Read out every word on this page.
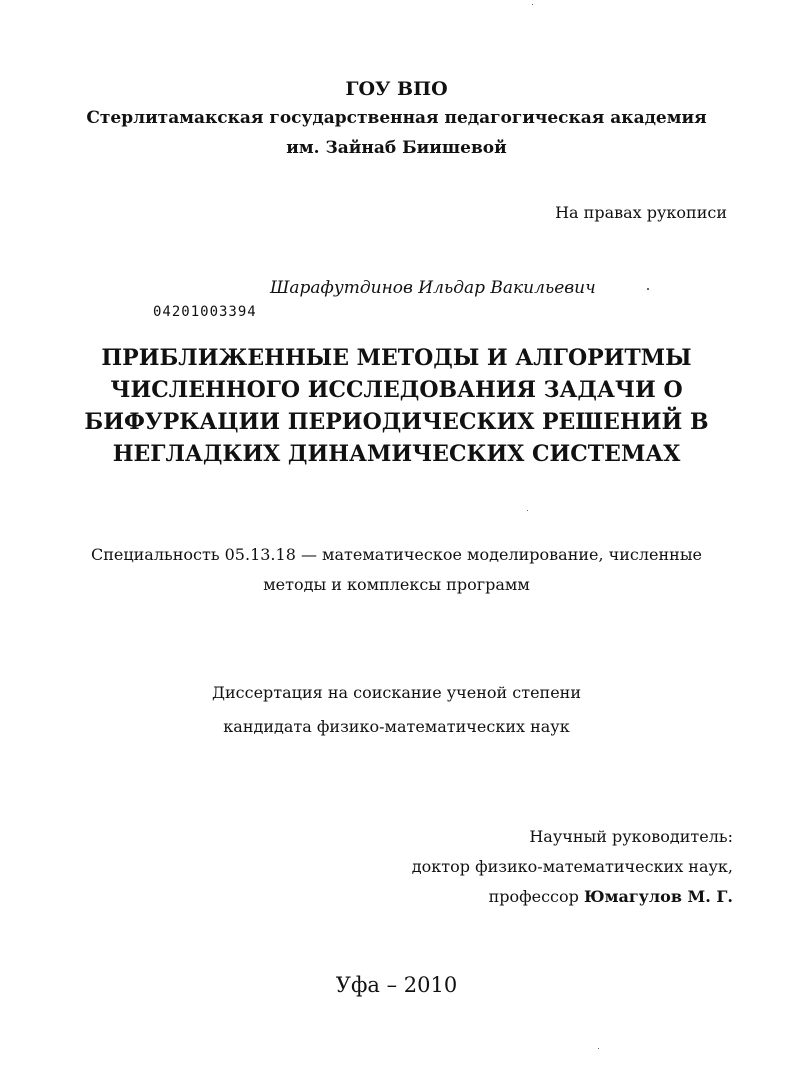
ГОУ ВПО
Стерлитамакская государственная педагогическая академия
им. Зайнаб Биишевой
На правах рукописи
Шарафутдинов Ильдар Вакильевич
04201003394
ПРИБЛИЖЕННЫЕ МЕТОДЫ И АЛГОРИТМЫ
ЧИСЛЕННОГО ИССЛЕДОВАНИЯ ЗАДАЧИ О
БИФУРКАЦИИ ПЕРИОДИЧЕСКИХ РЕШЕНИЙ В
НЕГЛАДКИХ ДИНАМИЧЕСКИХ СИСТЕМАХ
Специальность 05.13.18 — математическое моделирование, численные
методы и комплексы программ
Диссертация на соискание ученой степени
кандидата физико-математических наук
Научный руководитель:
доктор физико-математических наук,
профессор Юмагулов М. Г.
Уфа – 2010
